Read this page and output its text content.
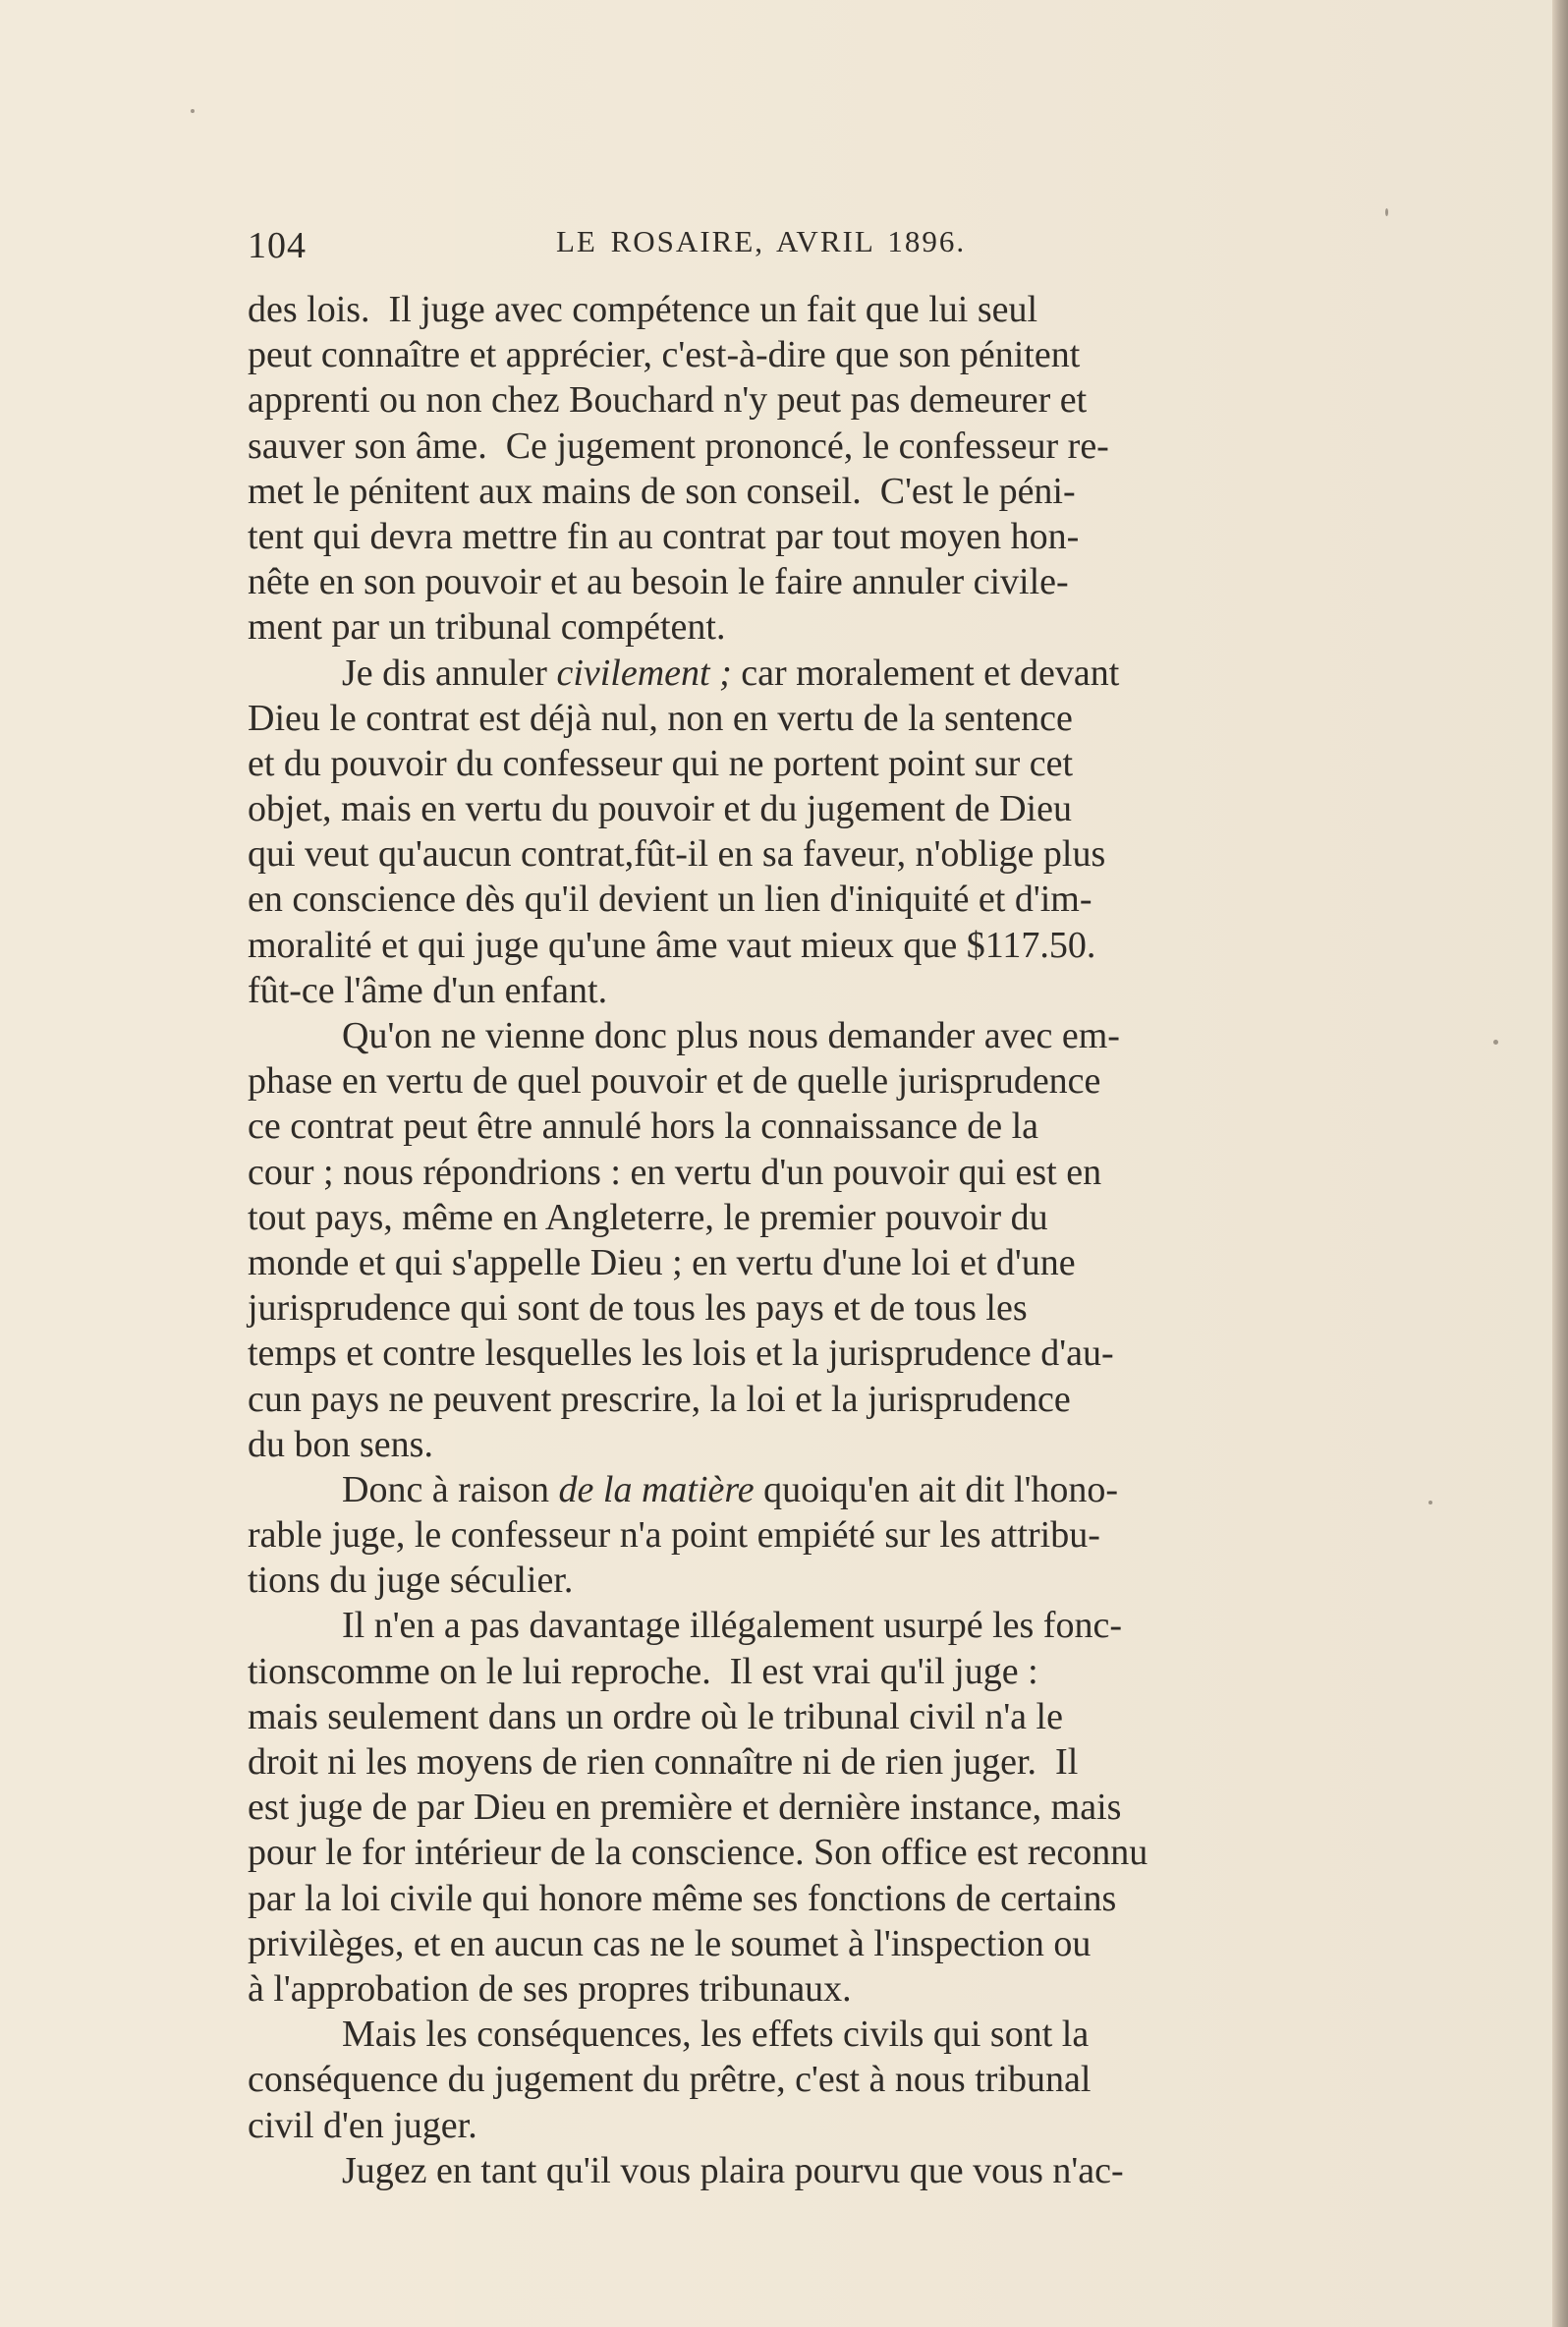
104	LE ROSAIRE, AVRIL 1896.
des lois.  Il juge avec compétence un fait que lui seul
peut connaître et apprécier, c'est-à-dire que son pénitent
apprenti ou non chez Bouchard n'y peut pas demeurer et
sauver son âme.  Ce jugement prononcé, le confesseur re-
met le pénitent aux mains de son conseil.  C'est le péni-
tent qui devra mettre fin au contrat par tout moyen hon-
nête en son pouvoir et au besoin le faire annuler civile-
ment par un tribunal compétent.
Je dis annuler civilement ; car moralement et devant
Dieu le contrat est déjà nul, non en vertu de la sentence
et du pouvoir du confesseur qui ne portent point sur cet
objet, mais en vertu du pouvoir et du jugement de Dieu
qui veut qu'aucun contrat,fût-il en sa faveur, n'oblige plus
en conscience dès qu'il devient un lien d'iniquité et d'im-
moralité et qui juge qu'une âme vaut mieux que $117.50.
fût-ce l'âme d'un enfant.
Qu'on ne vienne donc plus nous demander avec em-
phase en vertu de quel pouvoir et de quelle jurisprudence
ce contrat peut être annulé hors la connaissance de la
cour ; nous répondrions : en vertu d'un pouvoir qui est en
tout pays, même en Angleterre, le premier pouvoir du
monde et qui s'appelle Dieu ; en vertu d'une loi et d'une
jurisprudence qui sont de tous les pays et de tous les
temps et contre lesquelles les lois et la jurisprudence d'au-
cun pays ne peuvent prescrire, la loi et la jurisprudence
du bon sens.
Donc à raison de la matière quoiqu'en ait dit l'hono-
rable juge, le confesseur n'a point empiété sur les attribu-
tions du juge séculier.
Il n'en a pas davantage illégalement usurpé les fonc-
tionscomme on le lui reproche.  Il est vrai qu'il juge :
mais seulement dans un ordre où le tribunal civil n'a le
droit ni les moyens de rien connaître ni de rien juger.  Il
est juge de par Dieu en première et dernière instance, mais
pour le for intérieur de la conscience. Son office est reconnu
par la loi civile qui honore même ses fonctions de certains
privilèges, et en aucun cas ne le soumet à l'inspection ou
à l'approbation de ses propres tribunaux.
Mais les conséquences, les effets civils qui sont la
conséquence du jugement du prêtre, c'est à nous tribunal
civil d'en juger.
Jugez en tant qu'il vous plaira pourvu que vous n'ac-
